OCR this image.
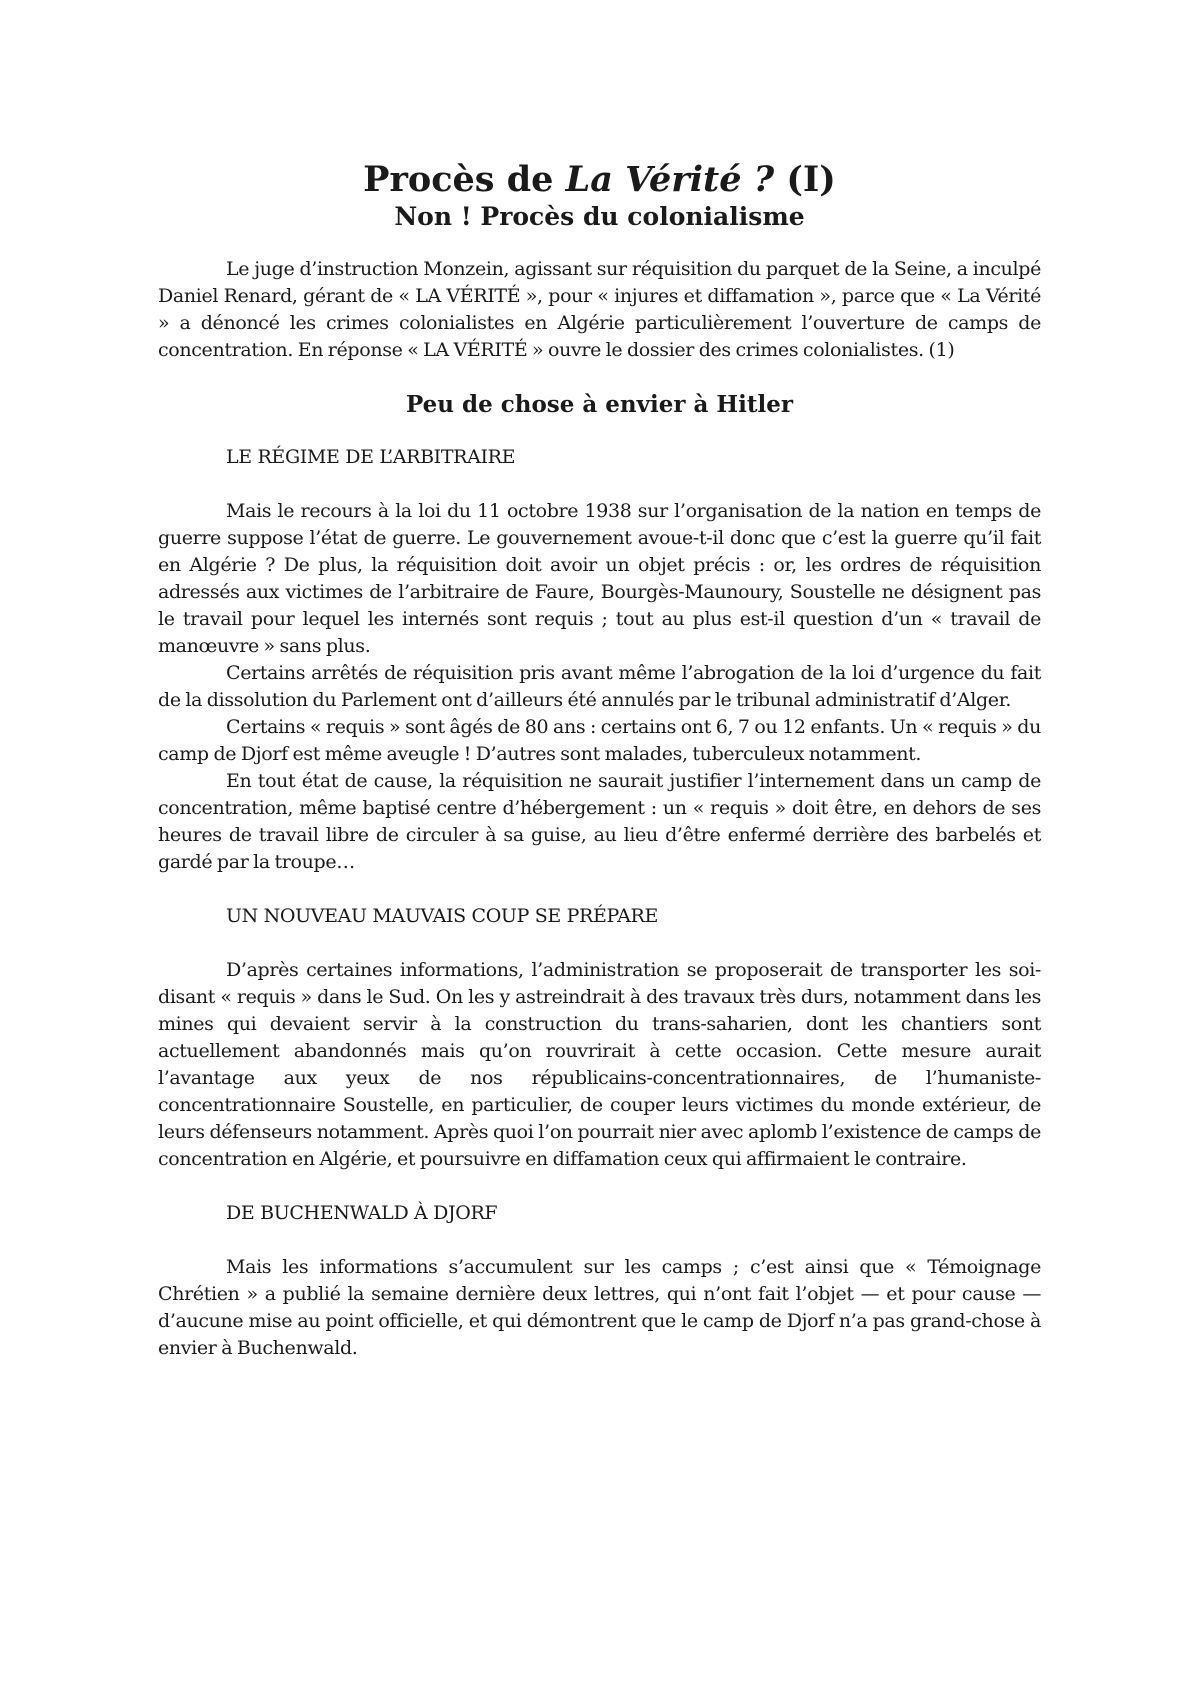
Procès de La Vérité ? (I)
Non ! Procès du colonialisme

Le juge d’instruction Monzein, agissant sur réquisition du parquet de la Seine, a inculpé Daniel Renard, gérant de « LA VÉRITÉ », pour « injures et diffamation », parce que « La Vérité » a dénoncé les crimes colonialistes en Algérie particulièrement l’ouverture de camps de concentration. En réponse « LA VÉRITÉ » ouvre le dossier des crimes colonialistes. (1)

Peu de chose à envier à Hitler
LE RÉGIME DE L’ARBITRAIRE

Mais le recours à la loi du 11 octobre 1938 sur l’organisation de la nation en temps de guerre suppose l’état de guerre. Le gouvernement avoue-t-il donc que c’est la guerre qu’il fait en Algérie ? De plus, la réquisition doit avoir un objet précis : or, les ordres de réquisition adressés aux victimes de l’arbitraire de Faure, Bourgès-Maunoury, Soustelle ne désignent pas le travail pour lequel les internés sont requis ; tout au plus est-il question d’un « travail de manœuvre » sans plus.

Certains arrêtés de réquisition pris avant même l’abrogation de la loi d’urgence du fait de la dissolution du Parlement ont d’ailleurs été annulés par le tribunal administratif d’Alger.

Certains « requis » sont âgés de 80 ans : certains ont 6, 7 ou 12 enfants. Un « requis » du camp de Djorf est même aveugle ! D’autres sont malades, tuberculeux notamment.

En tout état de cause, la réquisition ne saurait justifier l’internement dans un camp de concentration, même baptisé centre d’hébergement : un « requis » doit être, en dehors de ses heures de travail libre de circuler à sa guise, au lieu d’être enfermé derrière des barbelés et gardé par la troupe…

UN NOUVEAU MAUVAIS COUP SE PRÉPARE

D’après certaines informations, l’administration se proposerait de transporter les soi-disant « requis » dans le Sud. On les y astreindrait à des travaux très durs, notamment dans les mines qui devaient servir à la construction du trans-saharien, dont les chantiers sont actuellement abandonnés mais qu’on rouvrirait à cette occasion. Cette mesure aurait l’avantage aux yeux de nos républicains-concentrationnaires, de l’humaniste-concentrationnaire Soustelle, en particulier, de couper leurs victimes du monde extérieur, de leurs défenseurs notamment. Après quoi l’on pourrait nier avec aplomb l’existence de camps de concentration en Algérie, et poursuivre en diffamation ceux qui affirmaient le contraire.

DE BUCHENWALD À DJORF

Mais les informations s’accumulent sur les camps ; c’est ainsi que « Témoignage Chrétien » a publié la semaine dernière deux lettres, qui n’ont fait l’objet — et pour cause — d’aucune mise au point officielle, et qui démontrent que le camp de Djorf n’a pas grand-chose à envier à Buchenwald.
